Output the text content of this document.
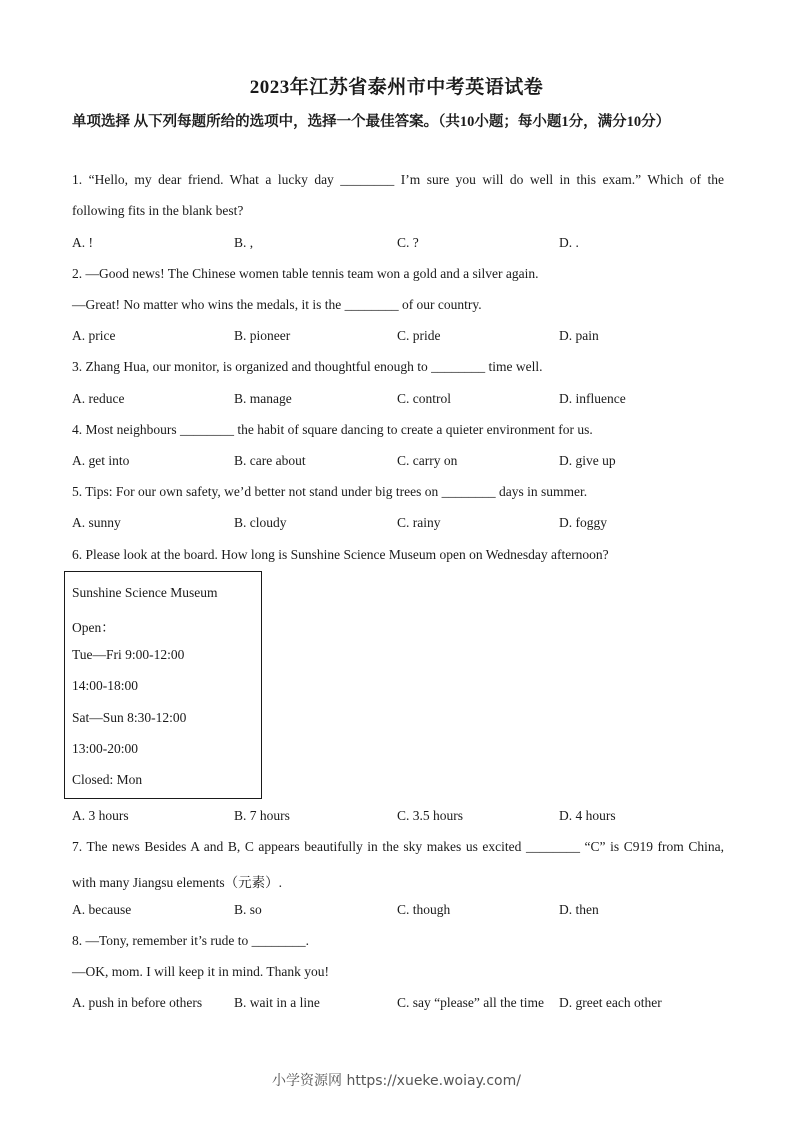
2023年江苏省泰州市中考英语试卷
单项选择 从下列每题所给的选项中，选择一个最佳答案。（共10小题；每小题1分，满分10分）
1. “Hello, my dear friend. What a lucky day ________ I’m sure you will do well in this exam.” Which of the
following fits in the blank best?
A. !	B. ,	C. ?	D. .
2. —Good news! The Chinese women table tennis team won a gold and a silver again.
—Great! No matter who wins the medals, it is the ________ of our country.
A. price	B. pioneer	C. pride	D. pain
3. Zhang Hua, our monitor, is organized and thoughtful enough to ________ time well.
A. reduce	B. manage	C. control	D. influence
4. Most neighbours ________ the habit of square dancing to create a quieter environment for us.
A. get into	B. care about	C. carry on	D. give up
5. Tips: For our own safety, we’d better not stand under big trees on ________ days in summer.
A. sunny	B. cloudy	C. rainy	D. foggy
6. Please look at the board. How long is Sunshine Science Museum open on Wednesday afternoon?
Sunshine Science Museum
Open：
Tue—Fri 9:00-12:00
14:00-18:00
Sat—Sun 8:30-12:00
13:00-20:00
Closed: Mon
A. 3 hours	B. 7 hours	C. 3.5 hours	D. 4 hours
7. The news Besides A and B, C appears beautifully in the sky makes us excited ________ “C” is C919 from China,
with many Jiangsu elements（元素）.
A. because	B. so	C. though	D. then
8. —Tony, remember it’s rude to ________.
—OK, mom. I will keep it in mind. Thank you!
A. push in before others B. wait in a line	C. say “please” all the time D. greet each other
小学资源网 https://xueke.woiay.com/
